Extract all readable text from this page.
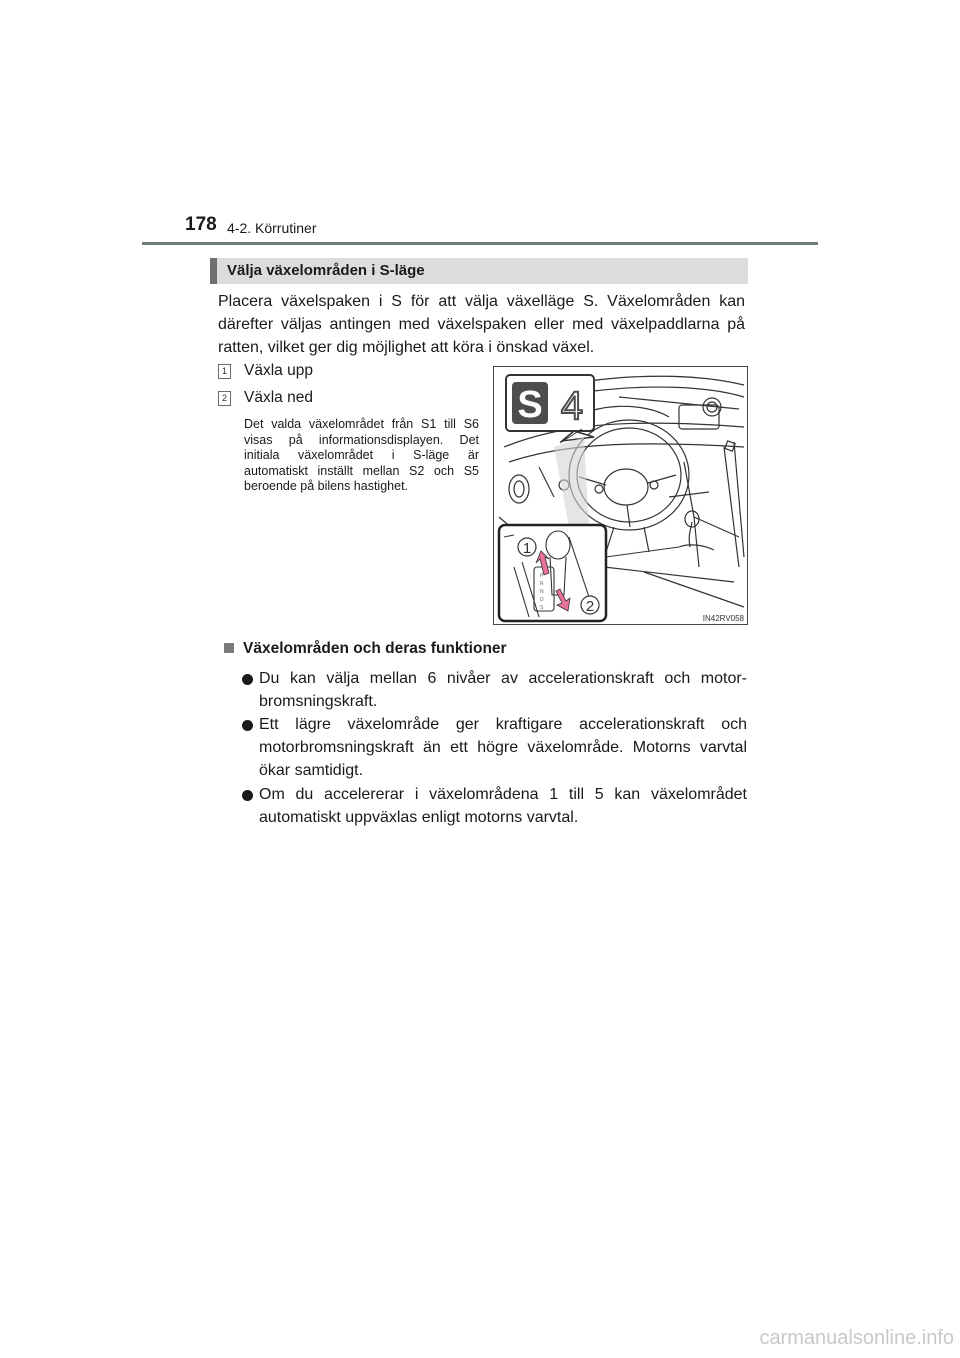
178 4-2. Körrutiner
Välja växelområden i S-läge
Placera växelspaken i S för att välja växelläge S. Växelområden kan därefter väljas antingen med växelspaken eller med växelpaddlarna på ratten, vilket ger dig möjlighet att köra i önskad växel.
1 Växla upp
2 Växla ned
Det valda växelområdet från S1 till S6 visas på informationsdisplayen. Det initiala växelområdet i S-läge är automatiskt inställt mellan S2 och S5 beroende på bilens hastighet.
S 4
P
R
N
D
S
1
2
IN42RV058
Växelområden och deras funktioner
Du kan välja mellan 6 nivåer av accelerationskraft och motor-bromsningskraft.
Ett lägre växelområde ger kraftigare accelerationskraft och motorbromsningskraft än ett högre växelområde. Motorns varvtal ökar samtidigt.
Om du accelererar i växelområdena 1 till 5 kan växelområdet automatiskt uppväxlas enligt motorns varvtal.
carmanualsonline.info
